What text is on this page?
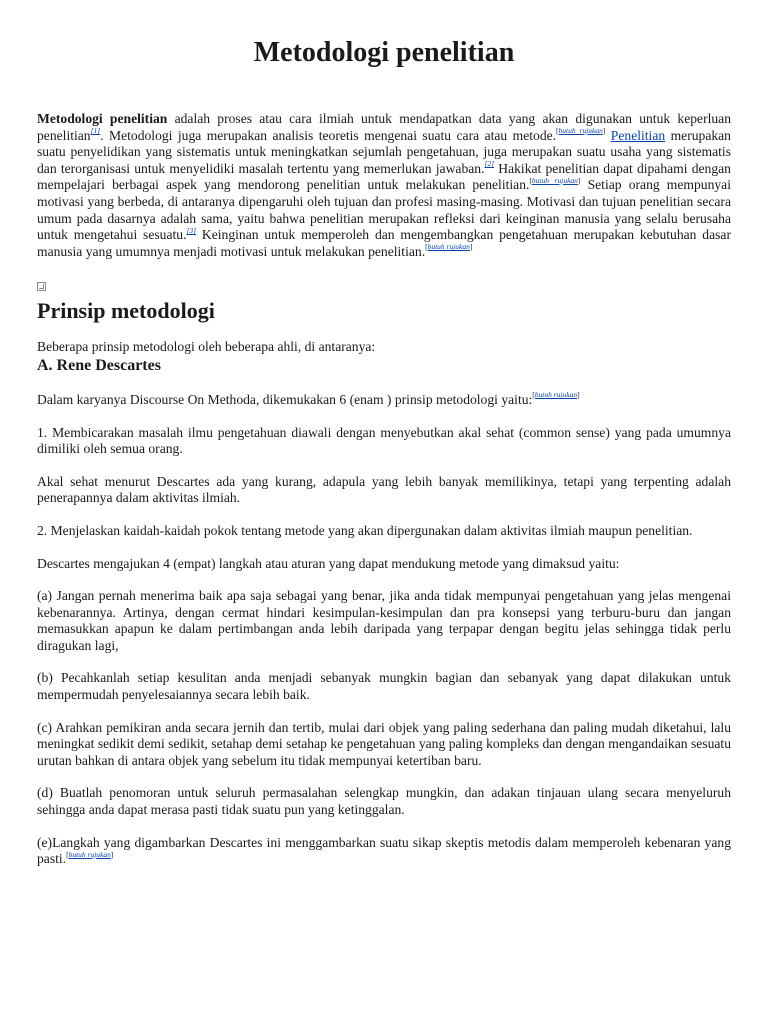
Metodologi penelitian

Metodologi penelitian adalah proses atau cara ilmiah untuk mendapatkan data yang akan digunakan untuk keperluan penelitian[1]. Metodologi juga merupakan analisis teoretis mengenai suatu cara atau metode.[butuh rujukan] Penelitian merupakan suatu penyelidikan yang sistematis untuk meningkatkan sejumlah pengetahuan, juga merupakan suatu usaha yang sistematis dan terorganisasi untuk menyelidiki masalah tertentu yang memerlukan jawaban.[2] Hakikat penelitian dapat dipahami dengan mempelajari berbagai aspek yang mendorong penelitian untuk melakukan penelitian.[butuh rujukan] Setiap orang mempunyai motivasi yang berbeda, di antaranya dipengaruhi oleh tujuan dan profesi masing-masing. Motivasi dan tujuan penelitian secara umum pada dasarnya adalah sama, yaitu bahwa penelitian merupakan refleksi dari keinginan manusia yang selalu berusaha untuk mengetahui sesuatu.[3] Keinginan untuk memperoleh dan mengembangkan pengetahuan merupakan kebutuhan dasar manusia yang umumnya menjadi motivasi untuk melakukan penelitian.[butuh rujukan]

Prinsip metodologi

Beberapa prinsip metodologi oleh beberapa ahli, di antaranya:

A. Rene Descartes

Dalam karyanya Discourse On Methoda, dikemukakan 6 (enam ) prinsip metodologi yaitu:[butuh rujukan]

1. Membicarakan masalah ilmu pengetahuan diawali dengan menyebutkan akal sehat (common sense) yang pada umumnya dimiliki oleh semua orang.

Akal sehat menurut Descartes ada yang kurang, adapula yang lebih banyak memilikinya, tetapi yang terpenting adalah penerapannya dalam aktivitas ilmiah.

2. Menjelaskan kaidah-kaidah pokok tentang metode yang akan dipergunakan dalam aktivitas ilmiah maupun penelitian.

Descartes mengajukan 4 (empat) langkah atau aturan yang dapat mendukung metode yang dimaksud yaitu:

(a) Jangan pernah menerima baik apa saja sebagai yang benar, jika anda tidak mempunyai pengetahuan yang jelas mengenai kebenarannya. Artinya, dengan cermat hindari kesimpulan-kesimpulan dan pra konsepsi yang terburu-buru dan jangan memasukkan apapun ke dalam pertimbangan anda lebih daripada yang terpapar dengan begitu jelas sehingga tidak perlu diragukan lagi,

(b) Pecahkanlah setiap kesulitan anda menjadi sebanyak mungkin bagian dan sebanyak yang dapat dilakukan untuk mempermudah penyelesaiannya secara lebih baik.

(c) Arahkan pemikiran anda secara jernih dan tertib, mulai dari objek yang paling sederhana dan paling mudah diketahui, lalu meningkat sedikit demi sedikit, setahap demi setahap ke pengetahuan yang paling kompleks dan dengan mengandaikan sesuatu urutan bahkan di antara objek yang sebelum itu tidak mempunyai ketertiban baru.

(d) Buatlah penomoran untuk seluruh permasalahan selengkap mungkin, dan adakan tinjauan ulang secara menyeluruh sehingga anda dapat merasa pasti tidak suatu pun yang ketinggalan.

(e)Langkah yang digambarkan Descartes ini menggambarkan suatu sikap skeptis metodis dalam memperoleh kebenaran yang pasti.[butuh rujukan]
